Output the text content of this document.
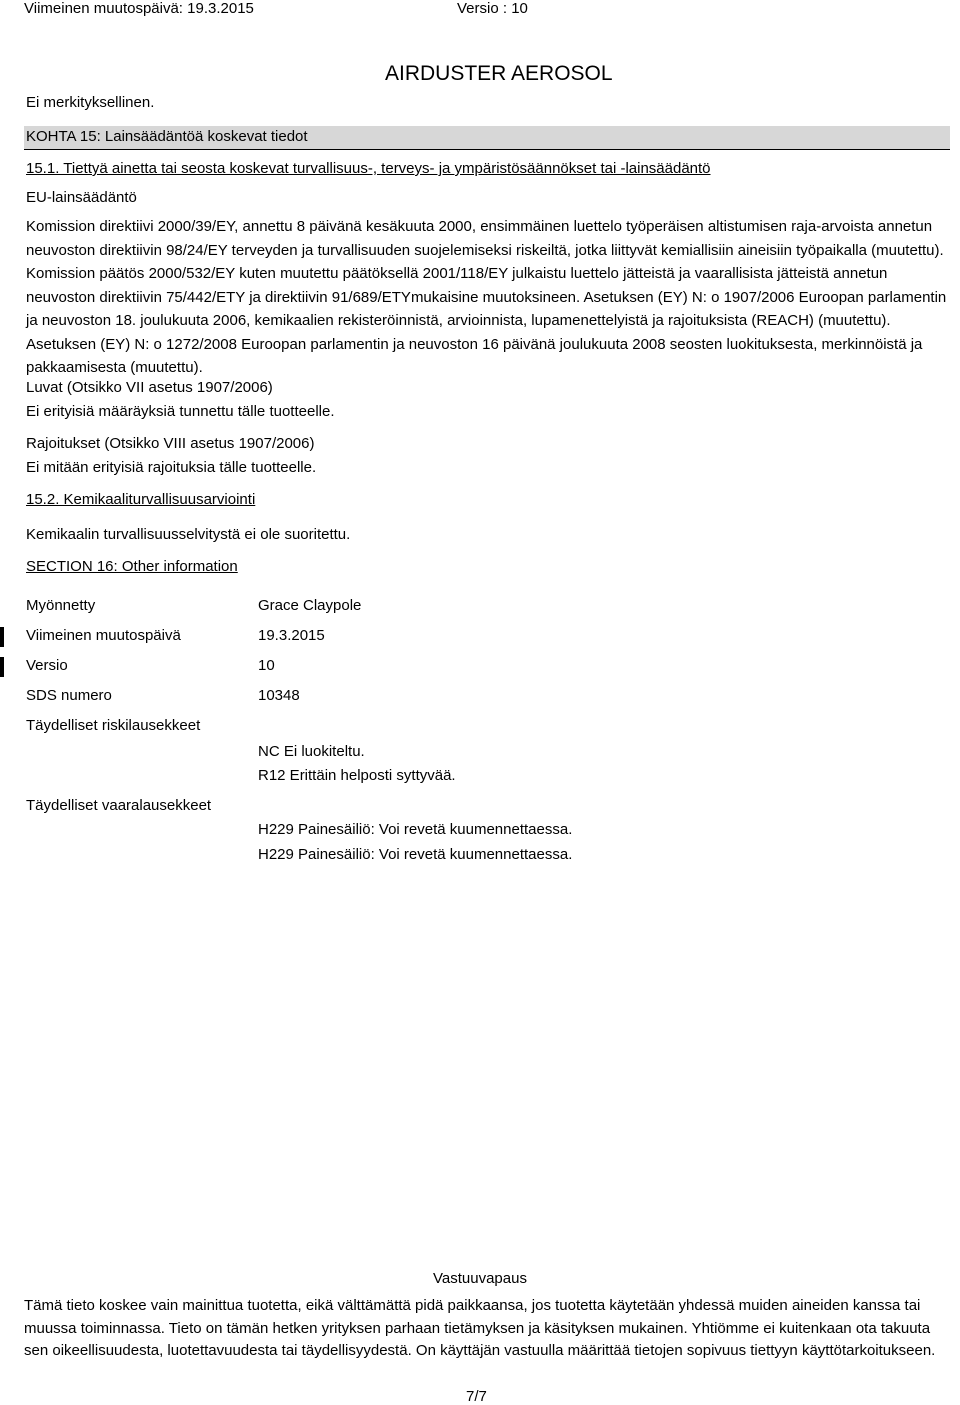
Viimeinen muutospäivä: 19.3.2015	Versio : 10
AIRDUSTER AEROSOL
Ei merkityksellinen.
KOHTA 15: Lainsäädäntöä koskevat tiedot
15.1. Tiettyä ainetta tai seosta koskevat turvallisuus-, terveys- ja ympäristösäännökset tai -lainsäädäntö
EU-lainsäädäntö
Komission direktiivi 2000/39/EY, annettu 8 päivänä kesäkuuta 2000, ensimmäinen luettelo työperäisen altistumisen raja-arvoista annetun neuvoston direktiivin 98/24/EY terveyden ja turvallisuuden suojelemiseksi riskeiltä, jotka liittyvät kemiallisiin aineisiin työpaikalla (muutettu). Komission päätös 2000/532/EY kuten muutettu päätöksellä 2001/118/EY julkaistu luettelo jätteistä ja vaarallisista jätteistä annetun neuvoston direktiivin 75/442/ETY ja direktiivin 91/689/ETYmukaisine muutoksineen. Asetuksen (EY) N: o 1907/2006 Euroopan parlamentin ja neuvoston 18. joulukuuta 2006, kemikaalien rekisteröinnistä, arvioinnista, lupamenettelyistä ja rajoituksista (REACH) (muutettu). Asetuksen (EY) N: o 1272/2008 Euroopan parlamentin ja neuvoston 16 päivänä joulukuuta 2008 seosten luokituksesta, merkinnöistä ja pakkaamisesta (muutettu).
Luvat (Otsikko VII asetus 1907/2006)
Ei erityisiä määräyksiä tunnettu tälle tuotteelle.
Rajoitukset (Otsikko VIII asetus 1907/2006)
Ei mitään erityisiä rajoituksia tälle tuotteelle.
15.2. Kemikaaliturvallisuusarviointi
Kemikaalin turvallisuusselvitystä ei ole suoritettu.
SECTION 16: Other information
Myönnetty	Grace Claypole
Viimeinen muutospäivä	19.3.2015
Versio	10
SDS numero	10348
Täydelliset riskilausekkeet
NC Ei luokiteltu.
R12 Erittäin helposti syttyvää.
Täydelliset vaaralausekkeet
H229 Painesäiliö: Voi revetä kuumennettaessa.
H229 Painesäiliö: Voi revetä kuumennettaessa.
Vastuuvapaus
Tämä tieto koskee vain mainittua tuotetta, eikä välttämättä pidä paikkaansa, jos tuotetta käytetään yhdessä muiden aineiden kanssa tai muussa toiminnassa. Tieto on tämän hetken yrityksen parhaan tietämyksen ja käsityksen mukainen. Yhtiömme ei kuitenkaan ota takuuta sen oikeellisuudesta, luotettavuudesta tai täydellisyydestä. On käyttäjän vastuulla määrittää tietojen sopivuus tiettyyn käyttötarkoitukseen.
7/7
